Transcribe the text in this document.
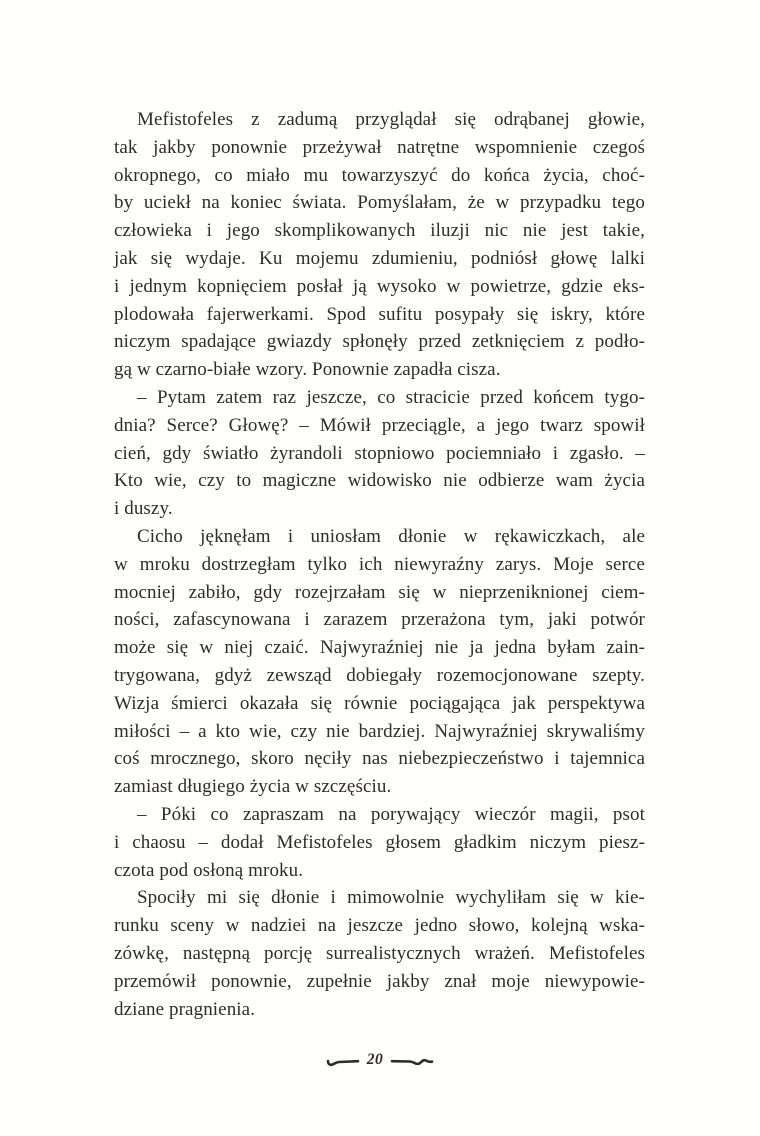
Mefistofeles z zadumą przyglądał się odrąbanej głowie,
tak jakby ponownie przeżywał natrętne wspomnienie czegoś
okropnego, co miało mu towarzyszyć do końca życia, choć-
by uciekł na koniec świata. Pomyślałam, że w przypadku tego
człowieka i jego skomplikowanych iluzji nic nie jest takie,
jak się wydaje. Ku mojemu zdumieniu, podniósł głowę lalki
i jednym kopnięciem posłał ją wysoko w powietrze, gdzie eks-
plodowała fajerwerkami. Spod sufitu posypały się iskry, które
niczym spadające gwiazdy spłonęły przed zetknięciem z podło-
gą w czarno-białe wzory. Ponownie zapadła cisza.
– Pytam zatem raz jeszcze, co stracicie przed końcem tygo-
dnia? Serce? Głowę? – Mówił przeciągle, a jego twarz spowił
cień, gdy światło żyrandoli stopniowo pociemniało i zgasło. –
Kto wie, czy to magiczne widowisko nie odbierze wam życia
i duszy.
Cicho jęknęłam i uniosłam dłonie w rękawiczkach, ale
w mroku dostrzegłam tylko ich niewyraźny zarys. Moje serce
mocniej zabiło, gdy rozejrzałam się w nieprzeniknionej ciem-
ności, zafascynowana i zarazem przerażona tym, jaki potwór
może się w niej czaić. Najwyraźniej nie ja jedna byłam zain-
trygowana, gdyż zewsząd dobiegały rozemocjonowane szepty.
Wizja śmierci okazała się równie pociągająca jak perspektywa
miłości – a kto wie, czy nie bardziej. Najwyraźniej skrywaliśmy
coś mrocznego, skoro nęciły nas niebezpieczeństwo i tajemnica
zamiast długiego życia w szczęściu.
– Póki co zapraszam na porywający wieczór magii, psot
i chaosu – dodał Mefistofeles głosem gładkim niczym piesz-
czota pod osłoną mroku.
Spociły mi się dłonie i mimowolnie wychyliłam się w kie-
runku sceny w nadziei na jeszcze jedno słowo, kolejną wska-
zówkę, następną porcję surrealistycznych wrażeń. Mefistofeles
przemówił ponownie, zupełnie jakby znał moje niewypowie-
dziane pragnienia.
20
